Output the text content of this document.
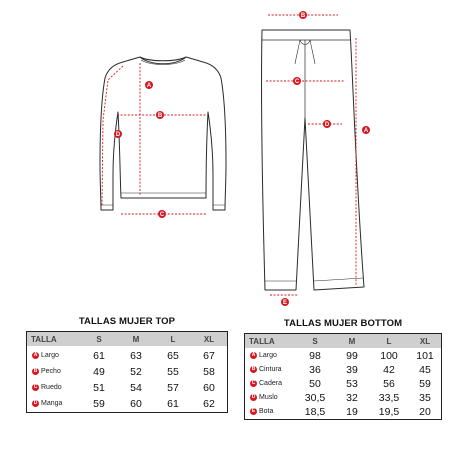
A
B
C
D
A
B
C
D
E
TALLAS MUJER TOP
TALLA	S	M	L	XL
A Largo	61	63	65	67
B Pecho	49	52	55	58
C Ruedo	51	54	57	60
D Manga	59	60	61	62
TALLAS MUJER BOTTOM
TALLA	S	M	L	XL
A Largo	98	99	100	101
B Cintura	36	39	42	45
C Cadera	50	53	56	59
D Muslo	30,5	32	33,5	35
E Bota	18,5	19	19,5	20
